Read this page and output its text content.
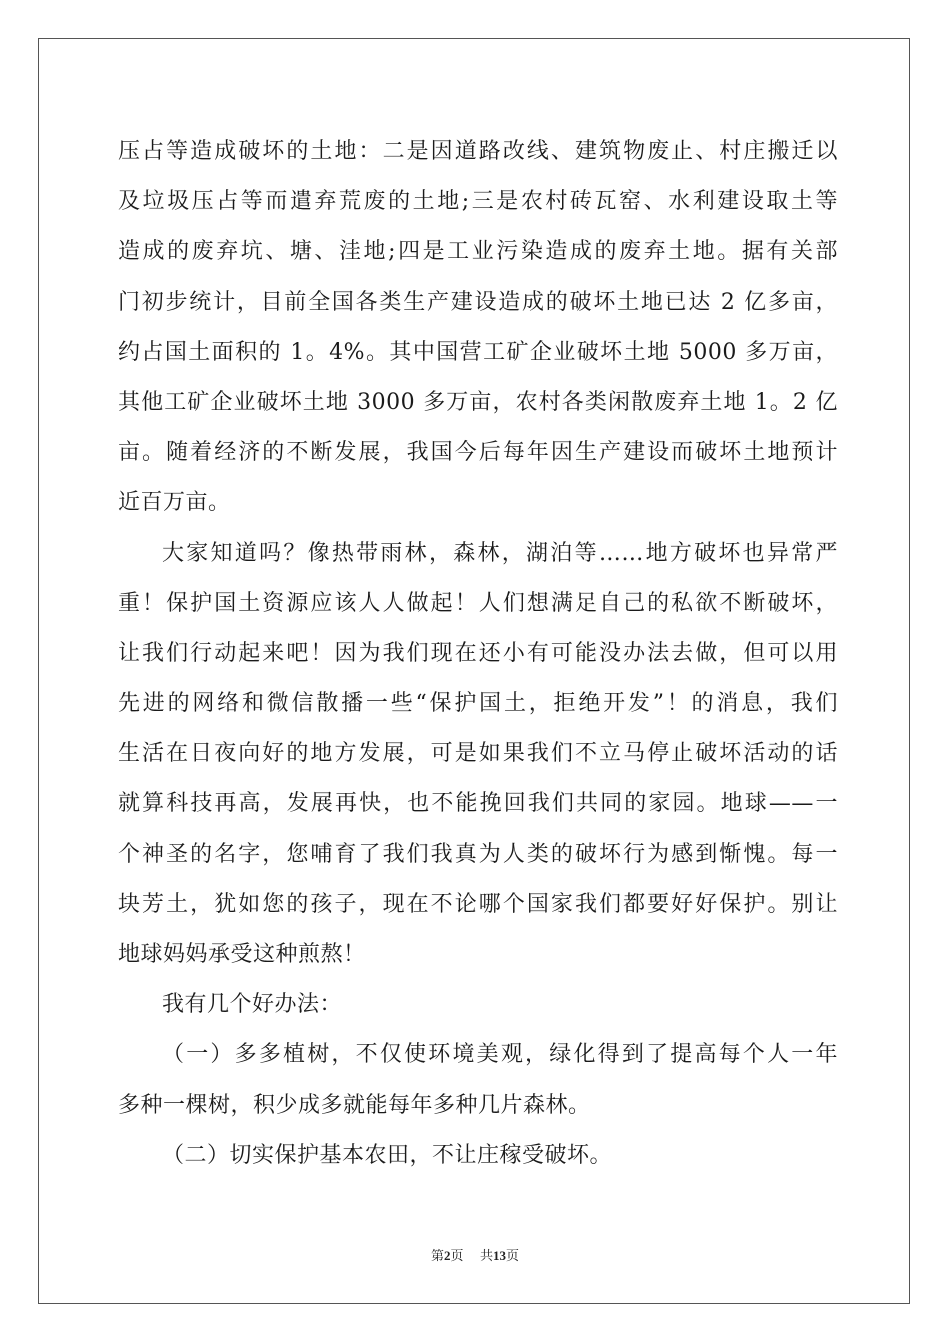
压占等造成破坏的土地：二是因道路改线、建筑物废止、村庄搬迁以
及垃圾压占等而遣弃荒废的土地;三是农村砖瓦窑、水利建设取土等
造成的废弃坑、塘、洼地;四是工业污染造成的废弃土地。据有关部
门初步统计，目前全国各类生产建设造成的破坏土地已达 2 亿多亩，
约占国土面积的 1。4%。其中国营工矿企业破坏土地 5000 多万亩，
其他工矿企业破坏土地 3000 多万亩，农村各类闲散废弃土地 1。2 亿
亩。随着经济的不断发展，我国今后每年因生产建设而破坏土地预计
近百万亩。
大家知道吗？像热带雨林，森林，湖泊等……地方破坏也异常严
重！保护国土资源应该人人做起！人们想满足自己的私欲不断破坏，
让我们行动起来吧！因为我们现在还小有可能没办法去做，但可以用
先进的网络和微信散播一些“保护国土，拒绝开发”！的消息，我们
生活在日夜向好的地方发展，可是如果我们不立马停止破坏活动的话
就算科技再高，发展再快，也不能挽回我们共同的家园。地球——一
个神圣的名字，您哺育了我们我真为人类的破坏行为感到惭愧。每一
块芳土，犹如您的孩子，现在不论哪个国家我们都要好好保护。别让
地球妈妈承受这种煎熬！
我有几个好办法：
（一）多多植树，不仅使环境美观，绿化得到了提高每个人一年
多种一棵树，积少成多就能每年多种几片森林。
（二）切实保护基本农田，不让庄稼受破坏。
第2页 共13页
